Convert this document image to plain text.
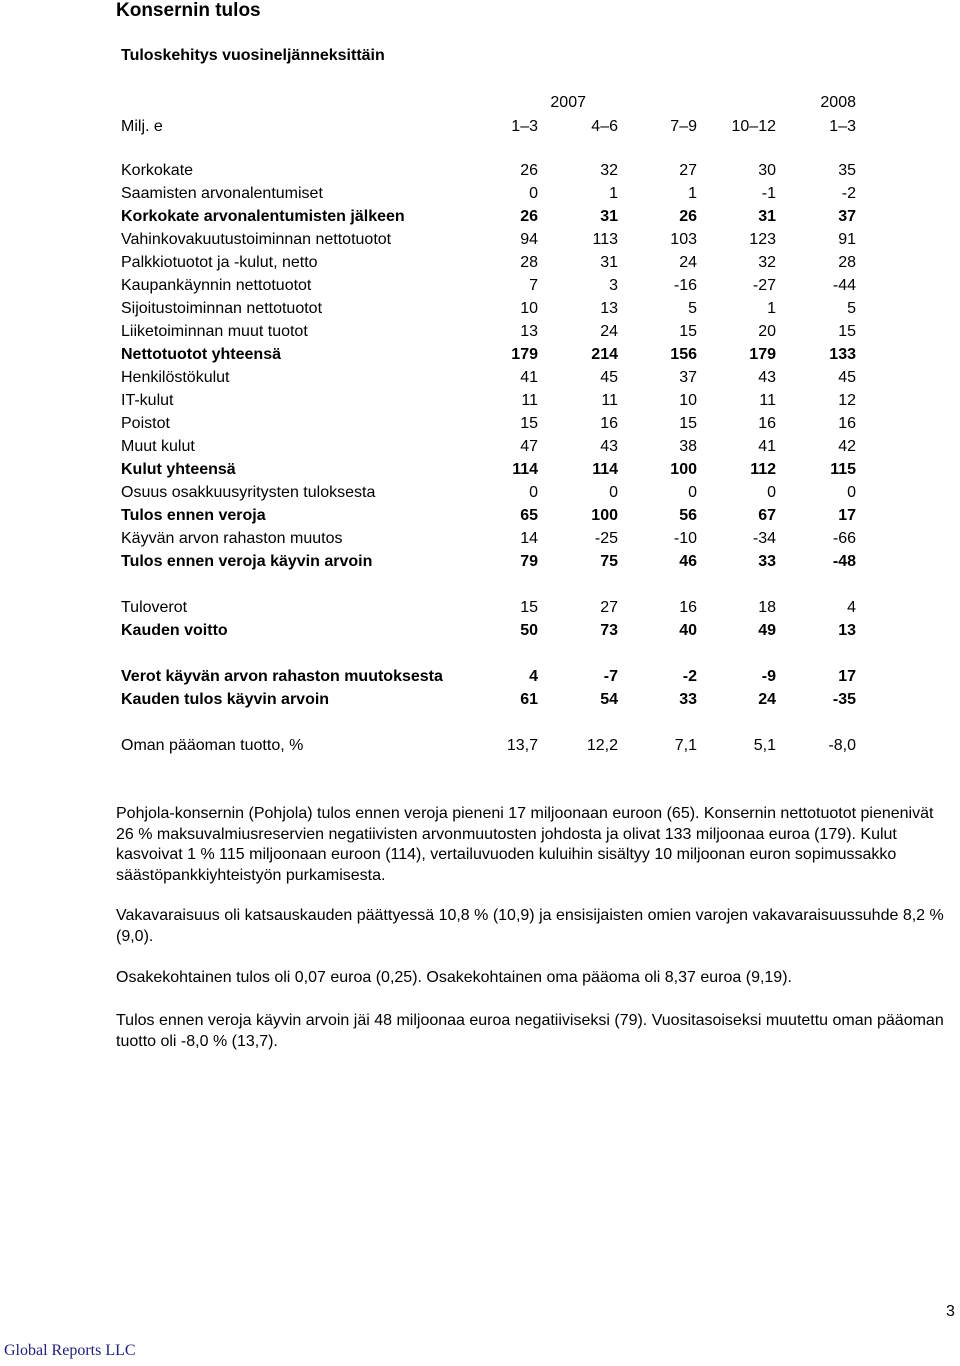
Konsernin tulos
Tuloskehitys vuosineljänneksittäin
2007	2008
Milj. e	1–3	4–6	7–9	10–12	1–3
Korkokate	26	32	27	30	35
Saamisten arvonalentumiset	0	1	1	-1	-2
Korkokate arvonalentumisten jälkeen	26	31	26	31	37
Vahinkovakuutustoiminnan nettotuotot	94	113	103	123	91
Palkkiotuotot ja -kulut, netto	28	31	24	32	28
Kaupankäynnin nettotuotot	7	3	-16	-27	-44
Sijoitustoiminnan nettotuotot	10	13	5	1	5
Liiketoiminnan muut tuotot	13	24	15	20	15
Nettotuotot yhteensä	179	214	156	179	133
Henkilöstökulut	41	45	37	43	45
IT-kulut	11	11	10	11	12
Poistot	15	16	15	16	16
Muut kulut	47	43	38	41	42
Kulut yhteensä	114	114	100	112	115
Osuus osakkuusyritysten tuloksesta	0	0	0	0	0
Tulos ennen veroja	65	100	56	67	17
Käyvän arvon rahaston muutos	14	-25	-10	-34	-66
Tulos ennen veroja käyvin arvoin	79	75	46	33	-48
Tuloverot	15	27	16	18	4
Kauden voitto	50	73	40	49	13
Verot käyvän arvon rahaston muutoksesta	4	-7	-2	-9	17
Kauden tulos käyvin arvoin	61	54	33	24	-35
Oman pääoman tuotto, %	13,7	12,2	7,1	5,1	-8,0
Pohjola-konsernin (Pohjola) tulos ennen veroja pieneni 17 miljoonaan euroon (65). Konsernin nettotuotot pienenivät 26 % maksuvalmiusreservien negatiivisten arvonmuutosten johdosta ja olivat 133 miljoonaa euroa (179). Kulut kasvoivat 1 % 115 miljoonaan euroon (114), vertailuvuoden kuluihin sisältyy 10 miljoonan euron sopimussakko säästöpankkiyhteistyön purkamisesta.
Vakavaraisuus oli katsauskauden päättyessä 10,8 % (10,9) ja ensisijaisten omien varojen vakavaraisuussuhde 8,2 % (9,0).
Osakekohtainen tulos oli 0,07 euroa (0,25). Osakekohtainen oma pääoma oli 8,37 euroa (9,19).
Tulos ennen veroja käyvin arvoin jäi 48 miljoonaa euroa negatiiviseksi (79). Vuositasoiseksi muutettu oman pääoman tuotto oli -8,0 % (13,7).
3
Global Reports LLC
